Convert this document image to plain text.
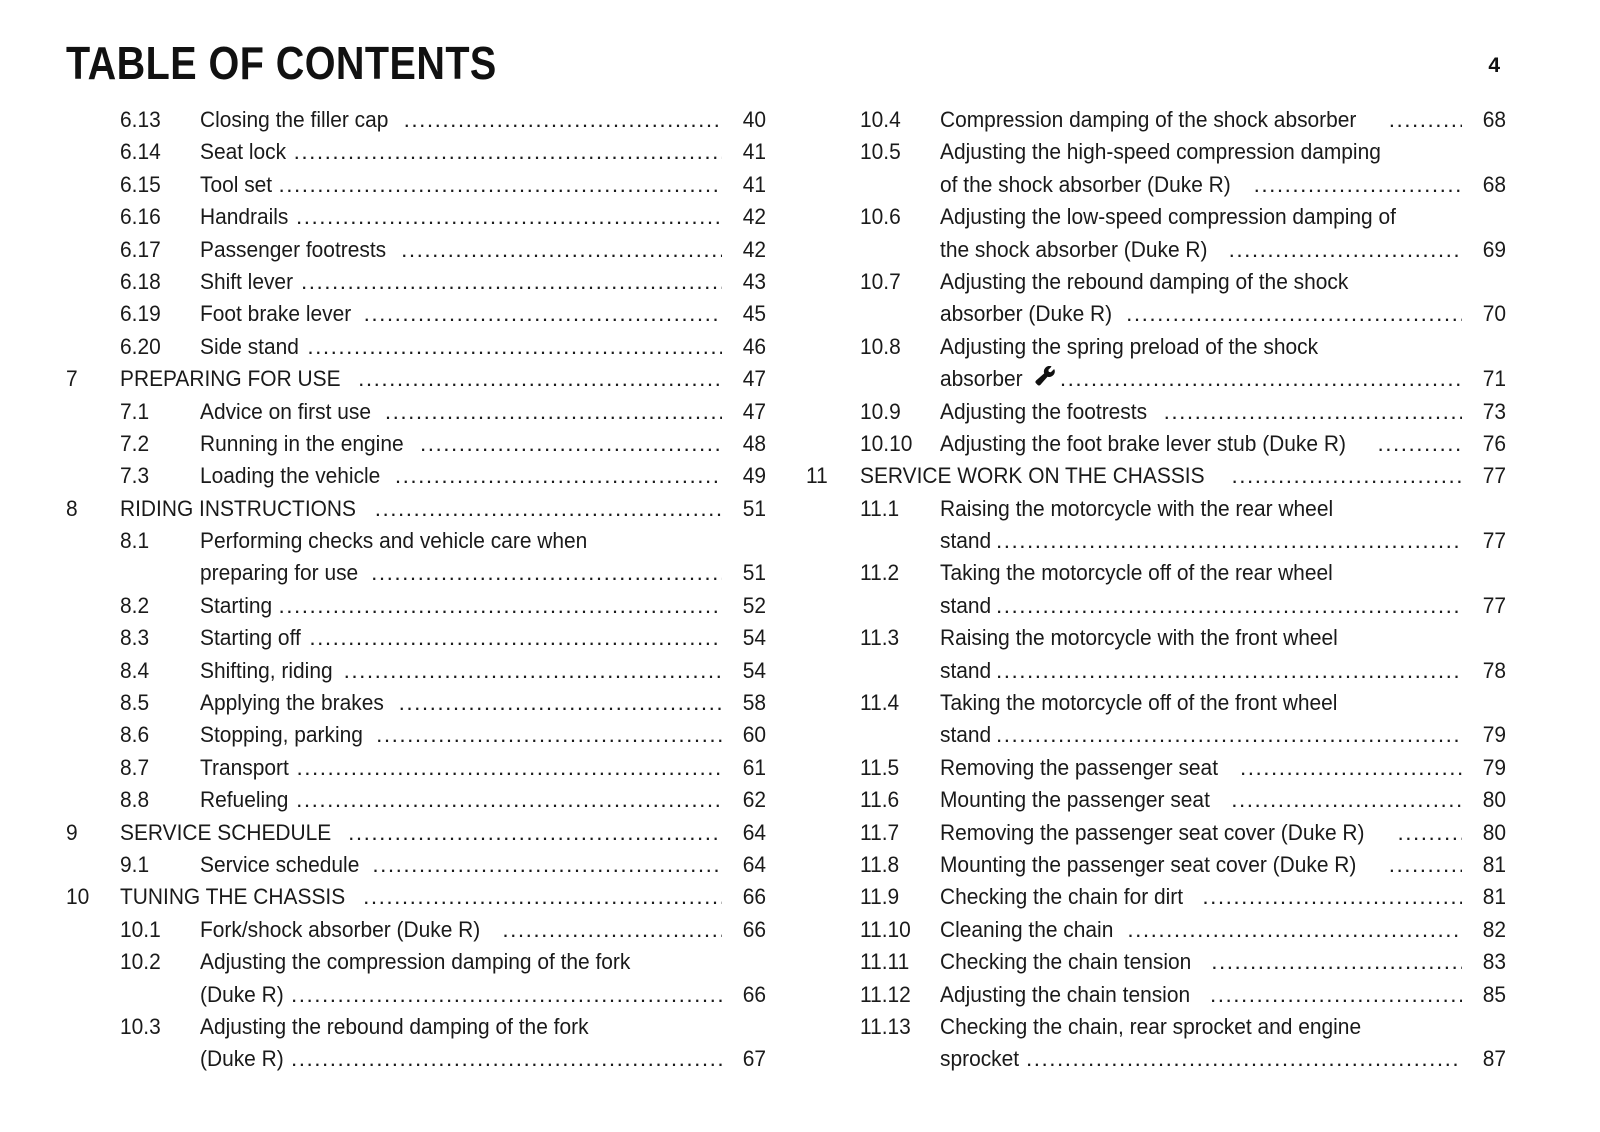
TABLE OF CONTENTS	4
6.13	Closing the filler cap .....	40
6.14	Seat lock .....	41
6.15	Tool set .....	41
6.16	Handrails .....	42
6.17	Passenger footrests .....	42
6.18	Shift lever .....	43
6.19	Foot brake lever .....	45
6.20	Side stand .....	46
7	PREPARING FOR USE .....	47
7.1	Advice on first use .....	47
7.2	Running in the engine .....	48
7.3	Loading the vehicle .....	49
8	RIDING INSTRUCTIONS .....	51
8.1	Performing checks and vehicle care when
preparing for use .....	51
8.2	Starting .....	52
8.3	Starting off .....	54
8.4	Shifting, riding .....	54
8.5	Applying the brakes .....	58
8.6	Stopping, parking .....	60
8.7	Transport .....	61
8.8	Refueling .....	62
9	SERVICE SCHEDULE .....	64
9.1	Service schedule .....	64
10	TUNING THE CHASSIS .....	66
10.1	Fork/shock absorber (Duke R) .....	66
10.2	Adjusting the compression damping of the fork
(Duke R) .....	66
10.3	Adjusting the rebound damping of the fork
(Duke R) .....	67
10.4	Compression damping of the shock absorber .....	68
10.5	Adjusting the high-speed compression damping
of the shock absorber (Duke R) .....	68
10.6	Adjusting the low-speed compression damping of
the shock absorber (Duke R) .....	69
10.7	Adjusting the rebound damping of the shock
absorber (Duke R) .....	70
10.8	Adjusting the spring preload of the shock
absorber .....	71
10.9	Adjusting the footrests .....	73
10.10	Adjusting the foot brake lever stub (Duke R) .....	76
11	SERVICE WORK ON THE CHASSIS .....	77
11.1	Raising the motorcycle with the rear wheel
stand .....	77
11.2	Taking the motorcycle off of the rear wheel
stand .....	77
11.3	Raising the motorcycle with the front wheel
stand .....	78
11.4	Taking the motorcycle off of the front wheel
stand .....	79
11.5	Removing the passenger seat .....	79
11.6	Mounting the passenger seat .....	80
11.7	Removing the passenger seat cover (Duke R) .....	80
11.8	Mounting the passenger seat cover (Duke R) .....	81
11.9	Checking the chain for dirt .....	81
11.10	Cleaning the chain .....	82
11.11	Checking the chain tension .....	83
11.12	Adjusting the chain tension .....	85
11.13	Checking the chain, rear sprocket and engine
sprocket .....	87
